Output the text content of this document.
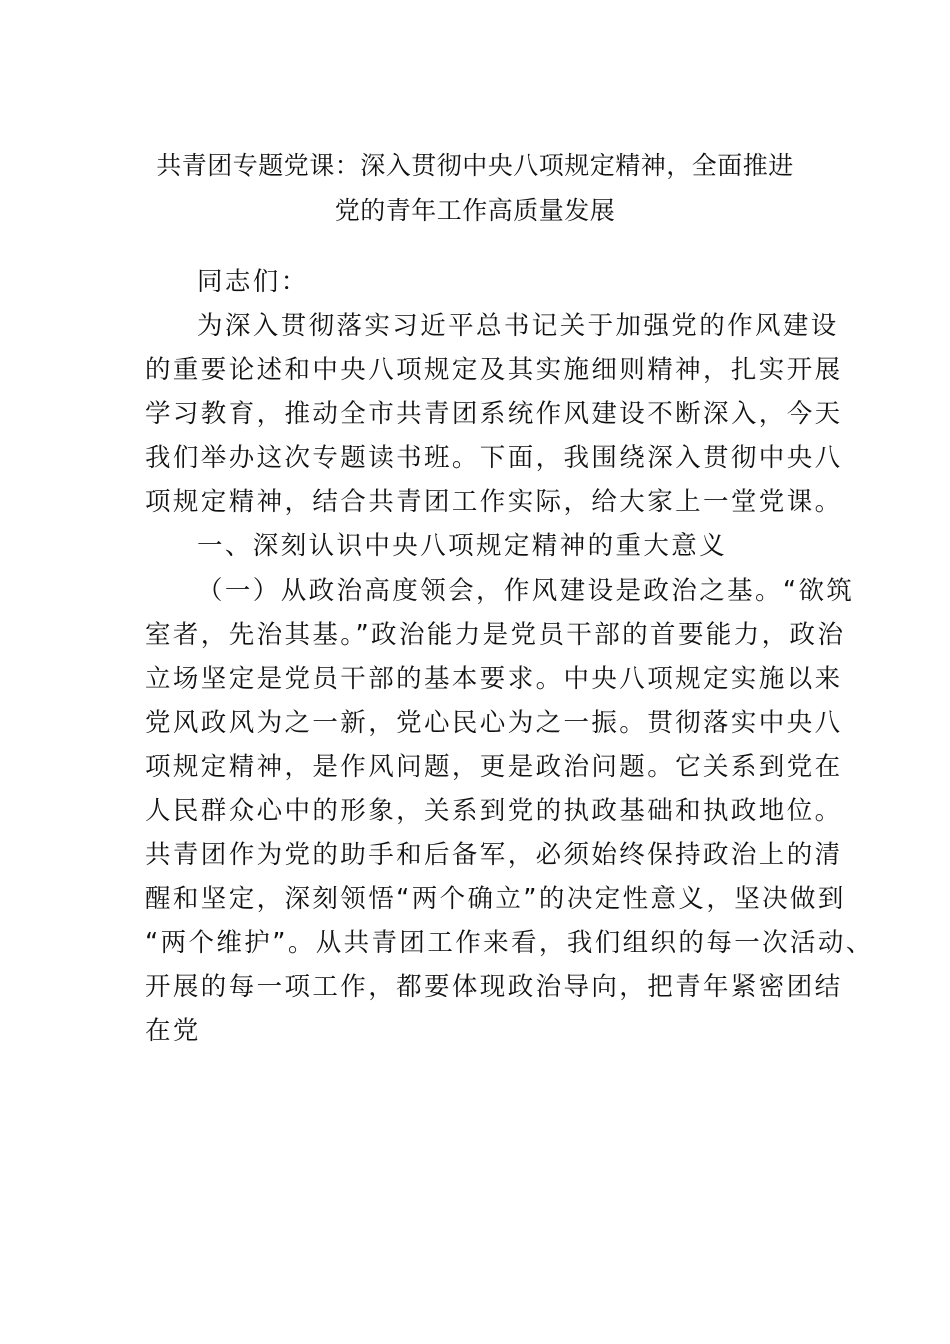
共青团专题党课：深入贯彻中央八项规定精神，全面推进
党的青年工作高质量发展
同志们：
为深入贯彻落实习近平总书记关于加强党的作风建设
的重要论述和中央八项规定及其实施细则精神，扎实开展
学习教育，推动全市共青团系统作风建设不断深入，今天
我们举办这次专题读书班。下面，我围绕深入贯彻中央八
项规定精神，结合共青团工作实际，给大家上一堂党课。
一、深刻认识中央八项规定精神的重大意义
（一）从政治高度领会，作风建设是政治之基。“欲筑
室者，先治其基。”政治能力是党员干部的首要能力，政治
立场坚定是党员干部的基本要求。中央八项规定实施以来
党风政风为之一新，党心民心为之一振。贯彻落实中央八
项规定精神，是作风问题，更是政治问题。它关系到党在
人民群众心中的形象，关系到党的执政基础和执政地位。
共青团作为党的助手和后备军，必须始终保持政治上的清
醒和坚定，深刻领悟“两个确立”的决定性意义，坚决做到
“两个维护”。从共青团工作来看，我们组织的每一次活动、
开展的每一项工作，都要体现政治导向，把青年紧密团结
在党
